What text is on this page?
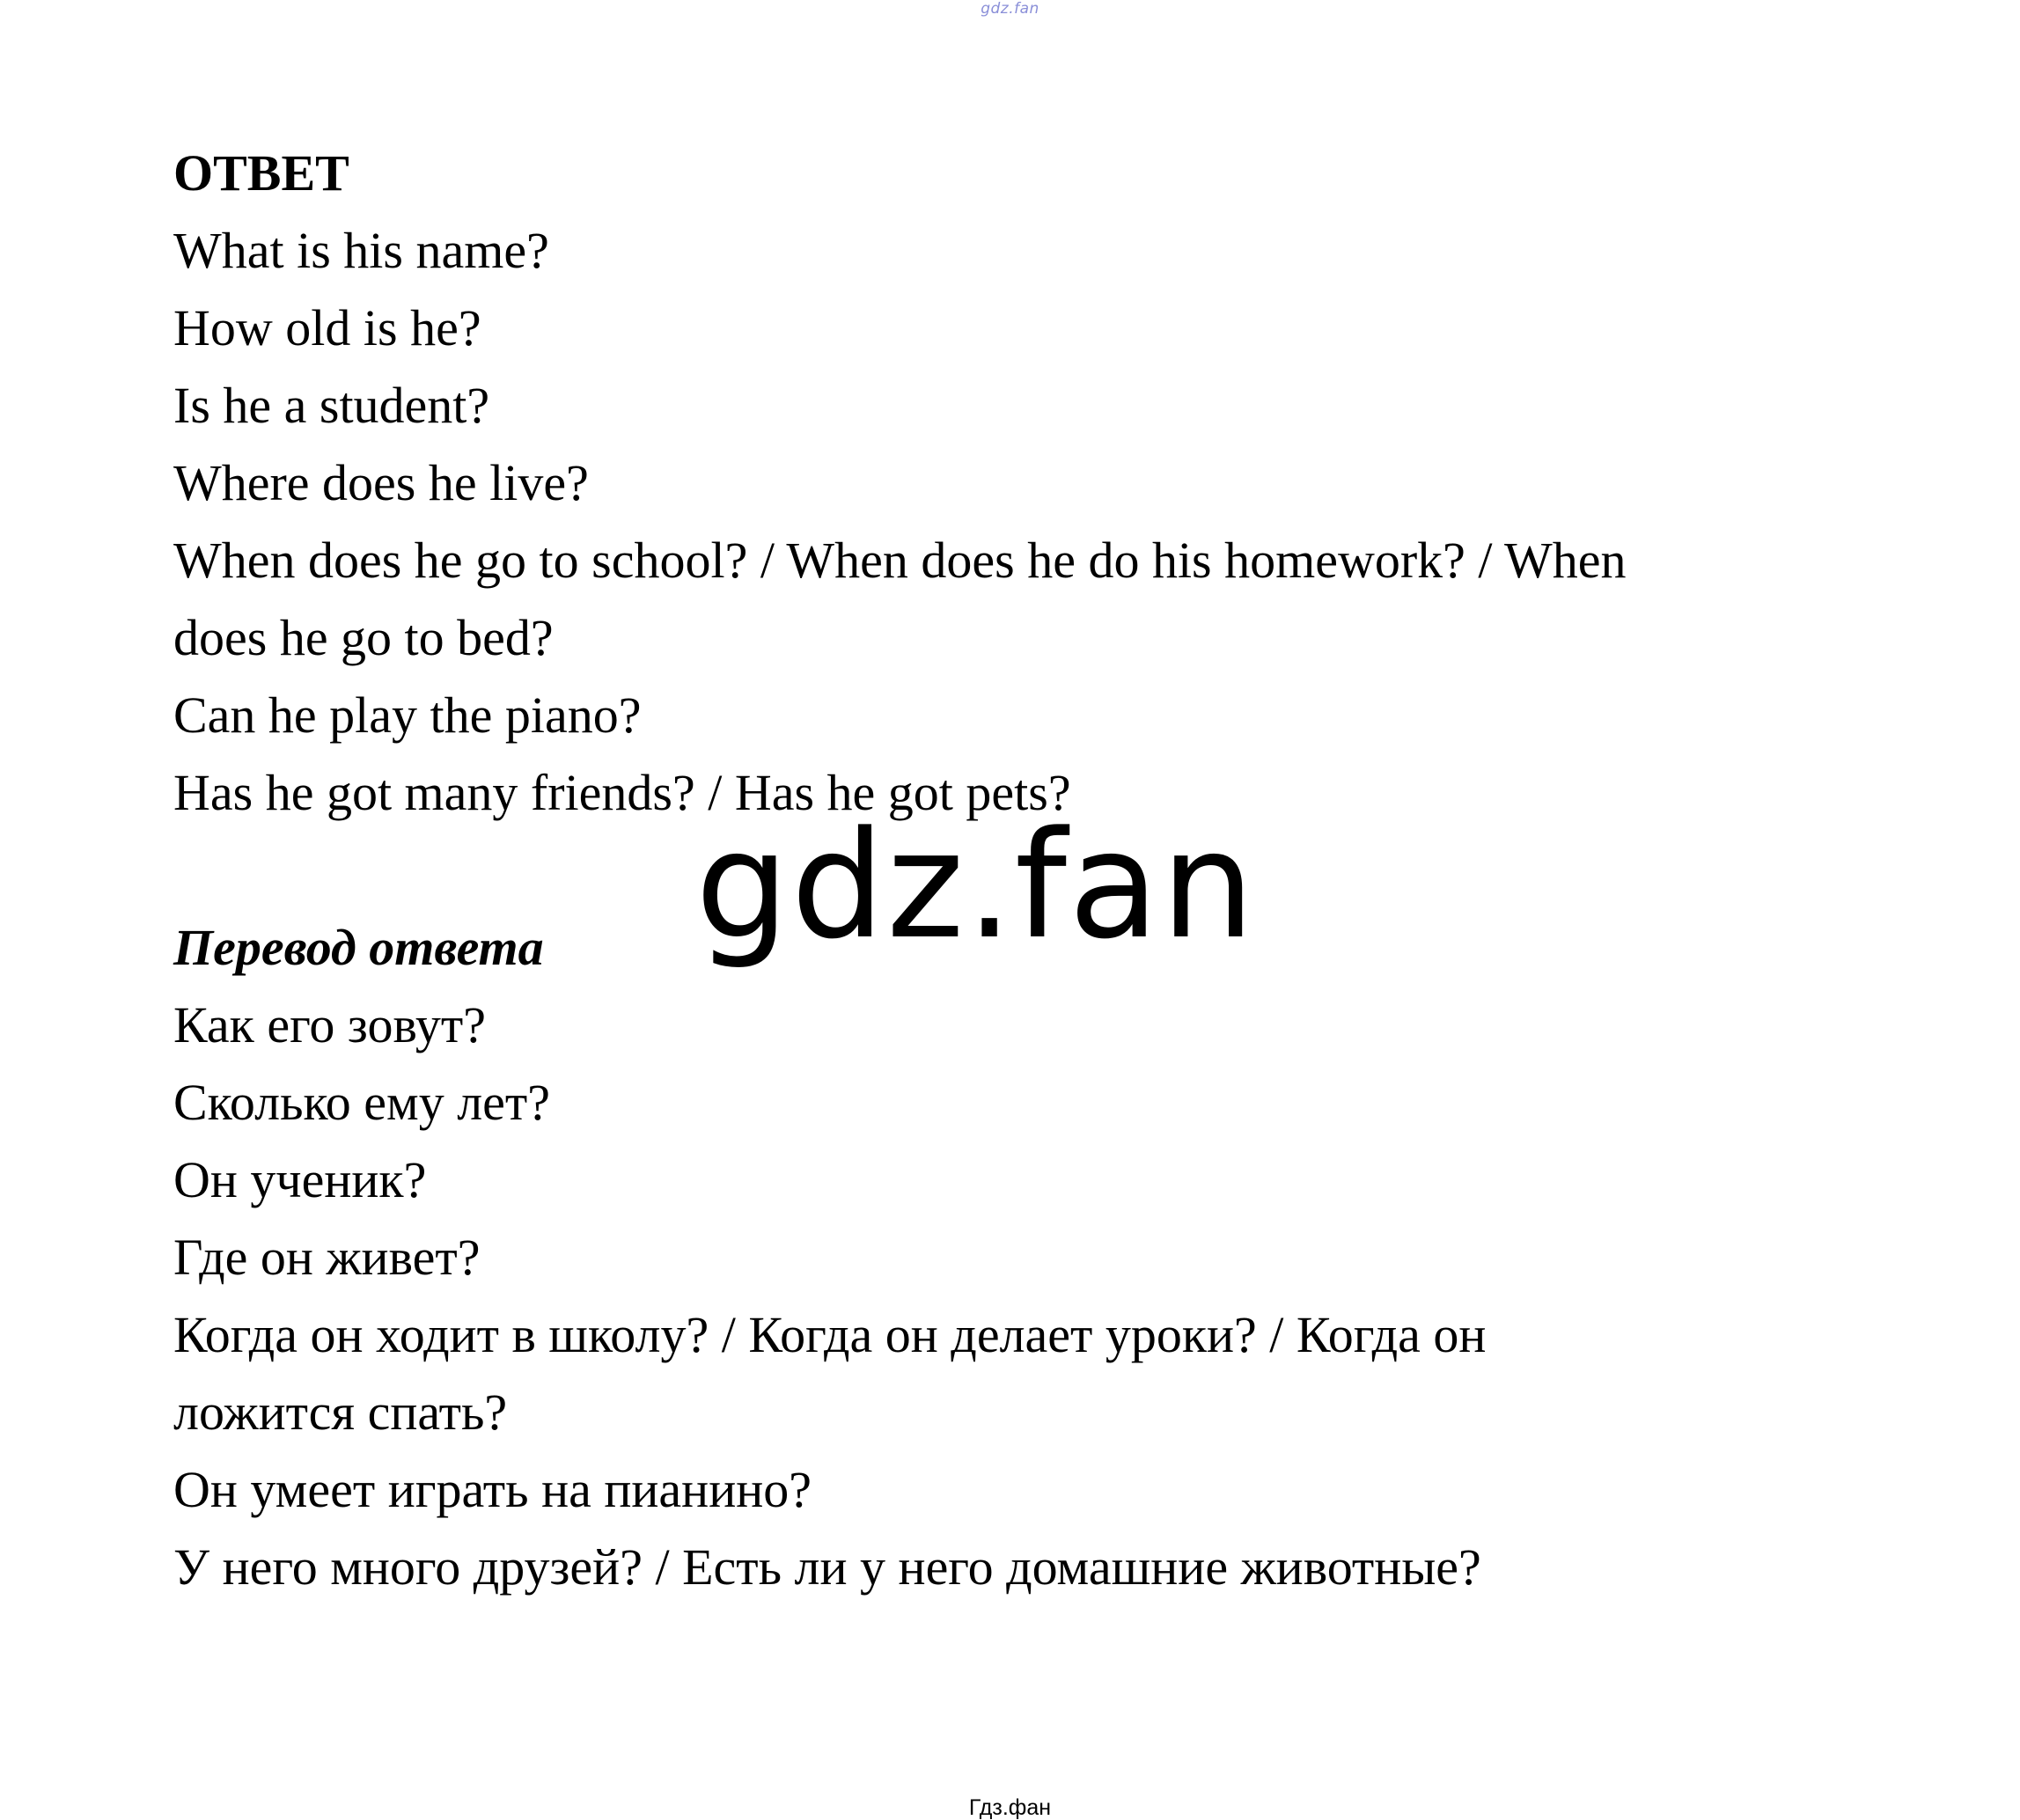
gdz.fan
ОТВЕТ
What is his name?
How old is he?
Is he a student?
Where does he live?
When does he go to school? / When does he do his homework? / When
does he go to bed?
Can he play the piano?
Has he got many friends? / Has he got pets?
Перевод ответа
Как его зовут?
Сколько ему лет?
Он ученик?
Где он живет?
Когда он ходит в школу? / Когда он делает уроки? / Когда он
ложится спать?
Он умеет играть на пианино?
У него много друзей? / Есть ли у него домашние животные?
gdz.fan
Гдз.фан
